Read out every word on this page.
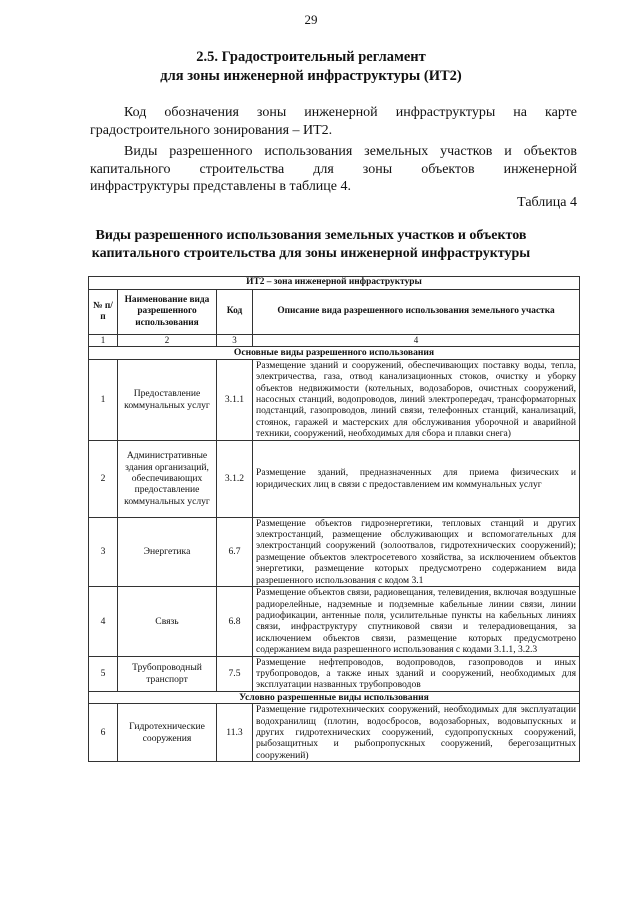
29
2.5. Градостроительный регламент
для зоны инженерной инфраструктуры (ИТ2)
Код обозначения зоны инженерной инфраструктуры на карте
градостроительного зонирования – ИТ2.
Виды разрешенного использования земельных участков и объектов
капитального строительства для зоны объектов инженерной
инфраструктуры представлены в таблице 4.
Таблица 4
Виды разрешенного использования земельных участков и объектов
капитального строительства для зоны инженерной инфраструктуры
ИТ2 – зона инженерной инфраструктуры			
№ п/п	Наименование вида разрешенного использования	Код	Описание вида разрешенного использования земельного участка
1	2	3	4
Основные виды разрешенного использования			
1	Предоставление коммунальных услуг	3.1.1	Размещение зданий и сооружений, обеспечивающих поставку воды, тепла, электричества, газа, отвод канализационных стоков, очистку и уборку объектов недвижимости (котельных, водозаборов, очистных сооружений, насосных станций, водопроводов, линий электропередач, трансформаторных подстанций, газопроводов, линий связи, телефонных станций, канализаций, стоянок, гаражей и мастерских для обслуживания уборочной и аварийной техники, сооружений, необходимых для сбора и плавки снега)
2	Административные здания организаций, обеспечивающих предоставление коммунальных услуг	3.1.2	Размещение зданий, предназначенных для приема физических и юридических лиц в связи с предоставлением им коммунальных услуг
3	Энергетика	6.7	Размещение объектов гидроэнергетики, тепловых станций и других электростанций, размещение обслуживающих и вспомогательных для электростанций сооружений (золоотвалов, гидротехнических сооружений); размещение объектов электросетевого хозяйства, за исключением объектов энергетики, размещение которых предусмотрено содержанием вида разрешенного использования с кодом 3.1
4	Связь	6.8	Размещение объектов связи, радиовещания, телевидения, включая воздушные радиорелейные, надземные и подземные кабельные линии связи, линии радиофикации, антенные поля, усилительные пункты на кабельных линиях связи, инфраструктуру спутниковой связи и телерадиовещания, за исключением объектов связи, размещение которых предусмотрено содержанием вида разрешенного использования с кодами 3.1.1, 3.2.3
5	Трубопроводный транспорт	7.5	Размещение нефтепроводов, водопроводов, газопроводов и иных трубопроводов, а также иных зданий и сооружений, необходимых для эксплуатации названных трубопроводов
Условно разрешенные виды использования			
6	Гидротехнические сооружения	11.3	Размещение гидротехнических сооружений, необходимых для эксплуатации водохранилищ (плотин, водосбросов, водозаборных, водовыпускных и других гидротехнических сооружений, судопропускных сооружений, рыбозащитных и рыбопропускных сооружений, берегозащитных сооружений)
